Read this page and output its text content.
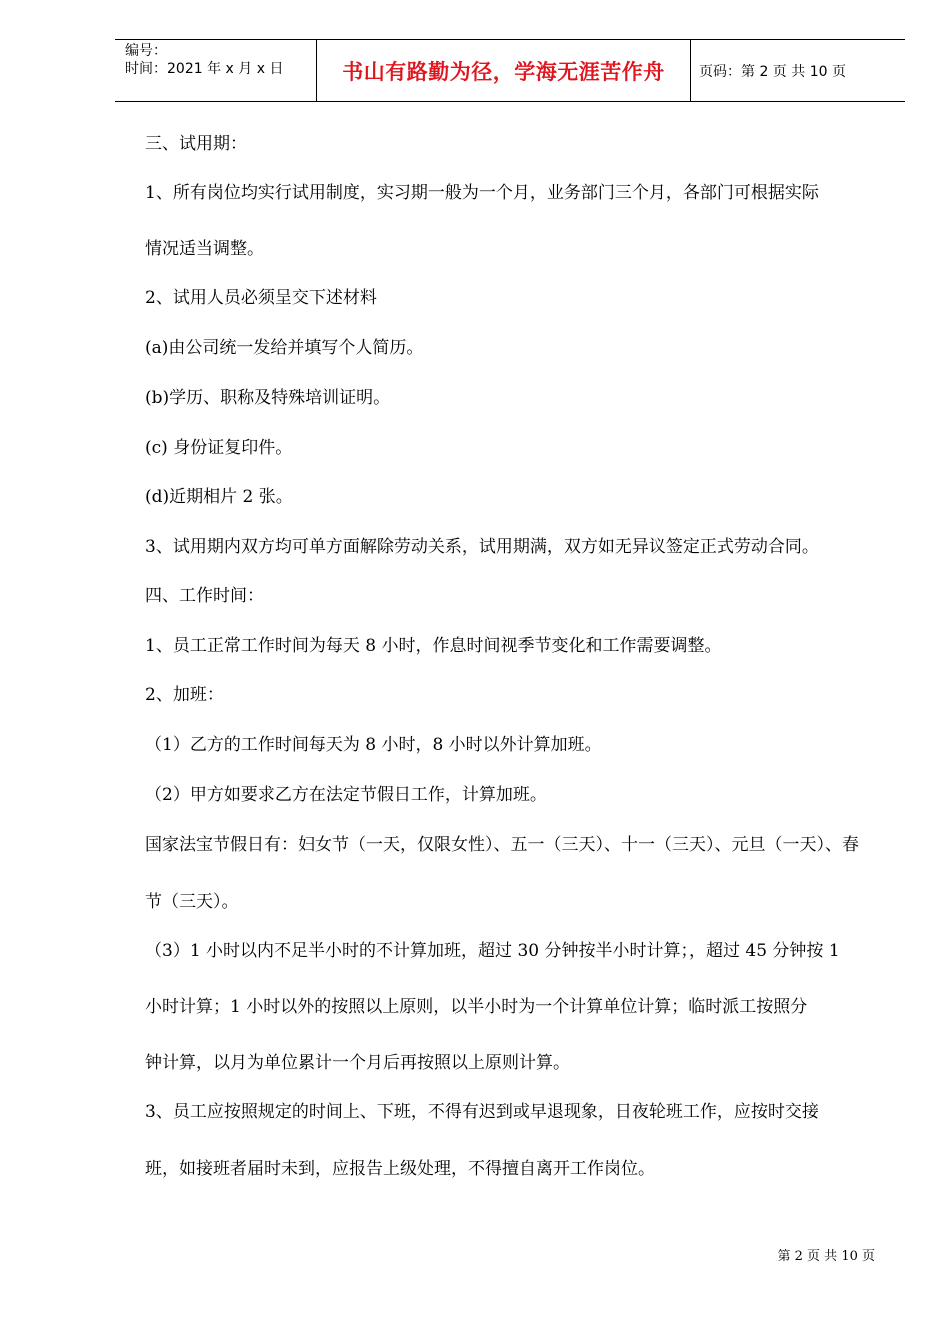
编号：
时间：2021 年 x 月 x 日	书山有路勤为径，学海无涯苦作舟	页码：第 2 页 共 10 页
三、试用期：
1、所有岗位均实行试用制度，实习期一般为一个月，业务部门三个月，各部门可根据实际
情况适当调整。
2、试用人员必须呈交下述材料
(a)由公司统一发给并填写个人简历。
(b)学历、职称及特殊培训证明。
(c) 身份证复印件。
(d)近期相片 2 张。
3、试用期内双方均可单方面解除劳动关系，试用期满，双方如无异议签定正式劳动合同。
四、工作时间：
1、员工正常工作时间为每天 8 小时，作息时间视季节变化和工作需要调整。
2、加班：
（1）乙方的工作时间每天为 8 小时，8 小时以外计算加班。
（2）甲方如要求乙方在法定节假日工作，计算加班。
国家法宝节假日有：妇女节（一天，仅限女性）、五一（三天）、十一（三天）、元旦（一天）、春
节（三天）。
（3）1 小时以内不足半小时的不计算加班，超过 30 分钟按半小时计算；，超过 45 分钟按 1
小时计算；1 小时以外的按照以上原则，以半小时为一个计算单位计算；临时派工按照分
钟计算，以月为单位累计一个月后再按照以上原则计算。
3、员工应按照规定的时间上、下班，不得有迟到或早退现象，日夜轮班工作，应按时交接
班，如接班者届时未到，应报告上级处理，不得擅自离开工作岗位。
第 2 页 共 10 页
